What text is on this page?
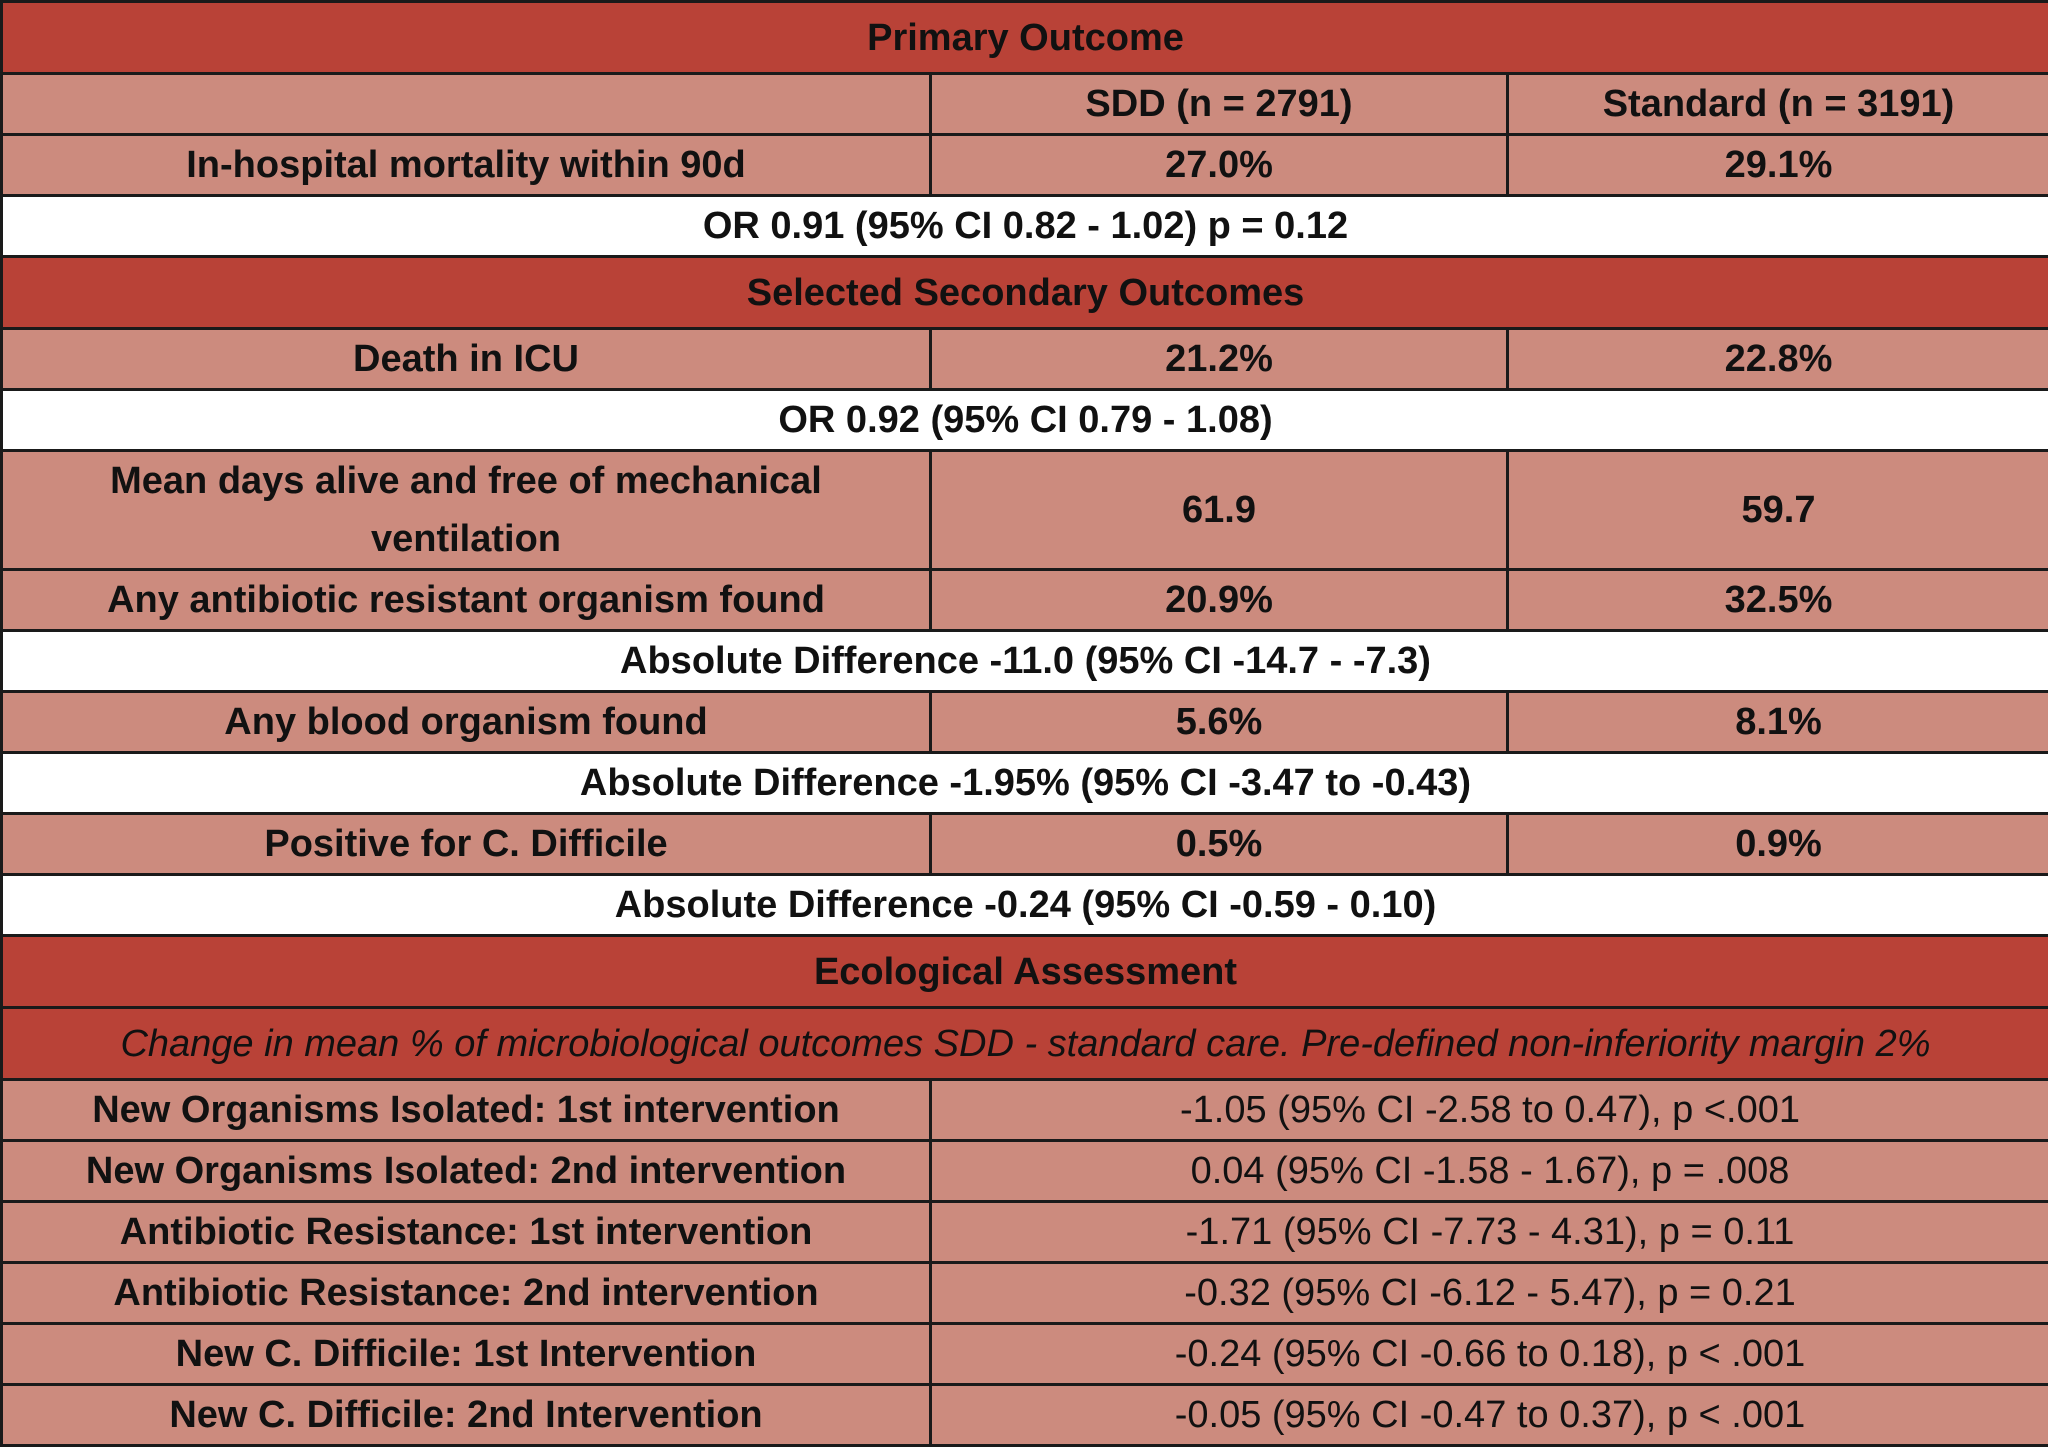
Primary Outcome		
	SDD (n = 2791)	Standard (n = 3191)
In-hospital mortality within 90d	27.0%	29.1%
OR 0.91 (95% CI 0.82 - 1.02) p = 0.12		
Selected Secondary Outcomes		
Death in ICU	21.2%	22.8%
OR 0.92 (95% CI 0.79 - 1.08)		
Mean days alive and free of mechanical ventilation	61.9	59.7
Any antibiotic resistant organism found	20.9%	32.5%
Absolute Difference -11.0 (95% CI -14.7 - -7.3)		
Any blood organism found	5.6%	8.1%
Absolute Difference -1.95% (95% CI -3.47 to -0.43)		
Positive for C. Difficile	0.5%	0.9%
Absolute Difference -0.24 (95% CI -0.59 - 0.10)		
Ecological Assessment		
Change in mean % of microbiological outcomes SDD - standard care. Pre-defined non-inferiority margin 2%		
New Organisms Isolated: 1st intervention	-1.05 (95% CI -2.58 to 0.47), p <.001	
New Organisms Isolated: 2nd intervention	0.04 (95% CI -1.58 - 1.67), p = .008	
Antibiotic Resistance: 1st intervention	-1.71 (95% CI -7.73 - 4.31), p = 0.11	
Antibiotic Resistance: 2nd intervention	-0.32 (95% CI -6.12 - 5.47), p = 0.21	
New C. Difficile: 1st Intervention	-0.24 (95% CI -0.66 to 0.18), p < .001	
New C. Difficile: 2nd Intervention	-0.05 (95% CI -0.47 to 0.37), p < .001	
